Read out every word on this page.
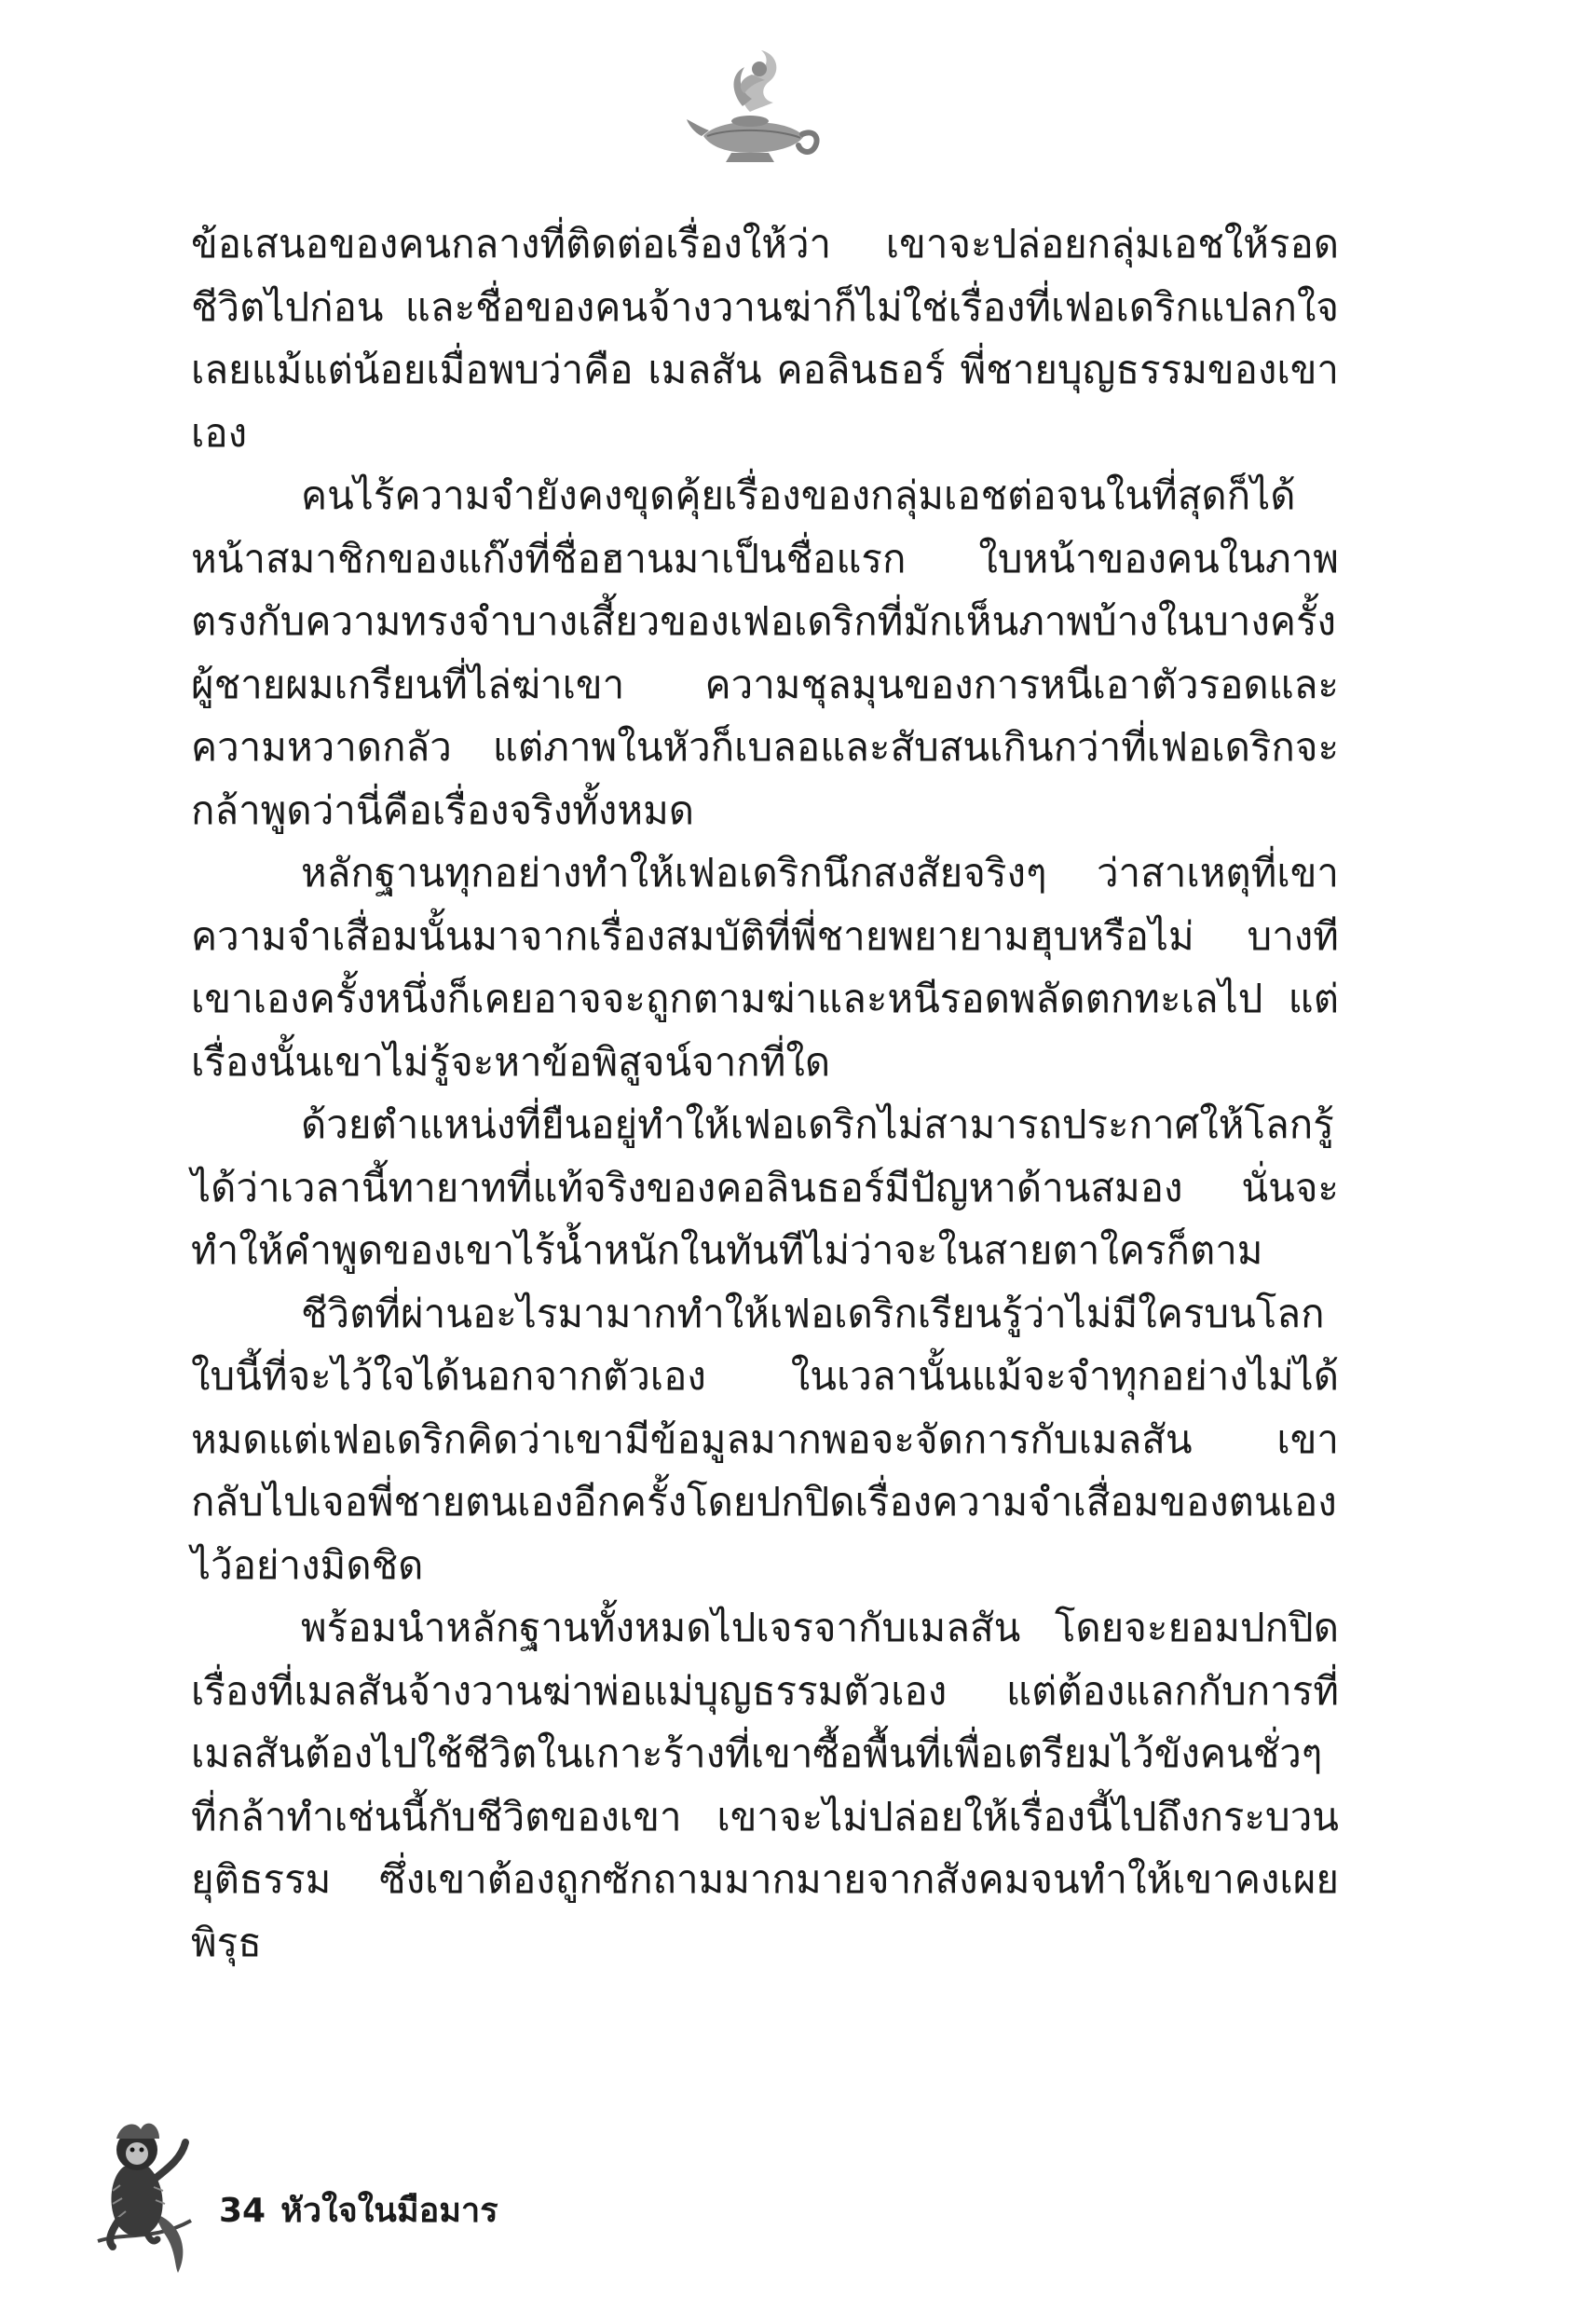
ข้อเสนอของคนกลางที่ติดต่อเรื่องให้ว่า เขาจะปล่อยกลุ่มเอชให้รอดชีวิตไปก่อน และชื่อของคนจ้างวานฆ่าก็ไม่ใช่เรื่องที่เฟอเดริกแปลกใจเลยแม้แต่น้อยเมื่อพบว่าคือ เมลสัน คอลินธอร์ พี่ชายบุญธรรมของเขาเอง

คนไร้ความจำยังคงขุดคุ้ยเรื่องของกลุ่มเอชต่อจนในที่สุดก็ได้หน้าสมาชิกของแก๊งที่ชื่อฮานมาเป็นชื่อแรก ใบหน้าของคนในภาพตรงกับความทรงจำบางเสี้ยวของเฟอเดริกที่มักเห็นภาพบ้างในบางครั้ง ผู้ชายผมเกรียนที่ไล่ฆ่าเขา ความชุลมุนของการหนีเอาตัวรอดและความหวาดกลัว แต่ภาพในหัวก็เบลอและสับสนเกินกว่าที่เฟอเดริกจะกล้าพูดว่านี่คือเรื่องจริงทั้งหมด

หลักฐานทุกอย่างทำให้เฟอเดริกนึกสงสัยจริงๆ ว่าสาเหตุที่เขาความจำเสื่อมนั้นมาจากเรื่องสมบัติที่พี่ชายพยายามฮุบหรือไม่ บางทีเขาเองครั้งหนึ่งก็เคยอาจจะถูกตามฆ่าและหนีรอดพลัดตกทะเลไป แต่เรื่องนั้นเขาไม่รู้จะหาข้อพิสูจน์จากที่ใด

ด้วยตำแหน่งที่ยืนอยู่ทำให้เฟอเดริกไม่สามารถประกาศให้โลกรู้ได้ว่าเวลานี้ทายาทที่แท้จริงของคอลินธอร์มีปัญหาด้านสมอง นั่นจะทำให้คำพูดของเขาไร้น้ำหนักในทันทีไม่ว่าจะในสายตาใครก็ตาม

ชีวิตที่ผ่านอะไรมามากทำให้เฟอเดริกเรียนรู้ว่าไม่มีใครบนโลกใบนี้ที่จะไว้ใจได้นอกจากตัวเอง ในเวลานั้นแม้จะจำทุกอย่างไม่ได้หมดแต่เฟอเดริกคิดว่าเขามีข้อมูลมากพอจะจัดการกับเมลสัน เขากลับไปเจอพี่ชายตนเองอีกครั้งโดยปกปิดเรื่องความจำเสื่อมของตนเองไว้อย่างมิดชิด

พร้อมนำหลักฐานทั้งหมดไปเจรจากับเมลสัน โดยจะยอมปกปิดเรื่องที่เมลสันจ้างวานฆ่าพ่อแม่บุญธรรมตัวเอง แต่ต้องแลกกับการที่เมลสันต้องไปใช้ชีวิตในเกาะร้างที่เขาซื้อพื้นที่เพื่อเตรียมไว้ขังคนชั่วๆที่กล้าทำเช่นนี้กับชีวิตของเขา เขาจะไม่ปล่อยให้เรื่องนี้ไปถึงกระบวนยุติธรรม ซึ่งเขาต้องถูกซักถามมากมายจากสังคมจนทำให้เขาคงเผยพิรุธ

34 หัวใจในมือมาร
